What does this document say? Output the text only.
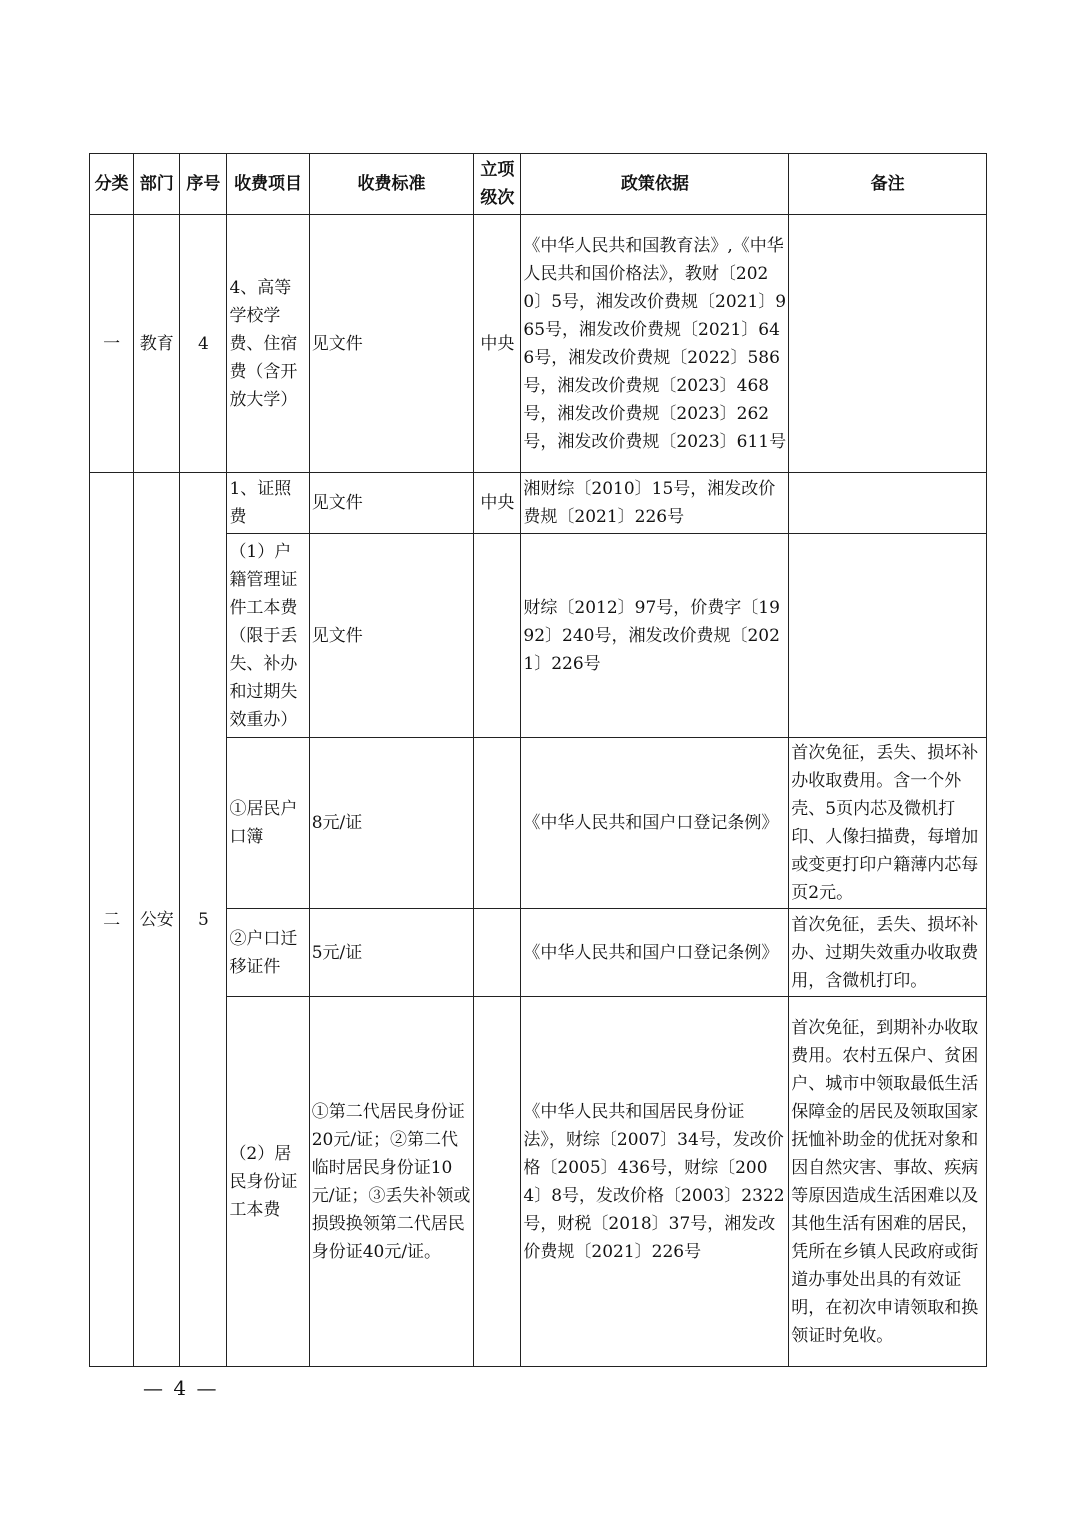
分类	部门	序号	收费项目	收费标准	立项级次	政策依据	备注
一	教育	4	4、高等学校学费、住宿费（含开放大学）	见文件	中央	《中华人民共和国教育法》,《中华人民共和国价格法》，教财〔2020〕5号，湘发改价费规〔2021〕965号，湘发改价费规〔2021〕646号，湘发改价费规〔2022〕586号，湘发改价费规〔2023〕468号，湘发改价费规〔2023〕262号，湘发改价费规〔2023〕611号	
二	公安	5	1、证照费	见文件	中央	湘财综〔2010〕15号，湘发改价费规〔2021〕226号	
			（1）户籍管理证件工本费（限于丢失、补办和过期失效重办）	见文件		财综〔2012〕97号，价费字〔1992〕240号，湘发改价费规〔2021〕226号	
			①居民户口簿	8元/证		《中华人民共和国户口登记条例》	首次免征，丢失、损坏补办收取费用。含一个外壳、5页内芯及微机打印、人像扫描费，每增加或变更打印户籍薄内芯每页2元。
			②户口迁移证件	5元/证		《中华人民共和国户口登记条例》	首次免征，丢失、损坏补办、过期失效重办收取费用，含微机打印。
			（2）居民身份证工本费	①第二代居民身份证20元/证；②第二代临时居民身份证10元/证；③丢失补领或损毁换领第二代居民身份证40元/证。		《中华人民共和国居民身份证法》，财综〔2007〕34号，发改价格〔2005〕436号，财综〔2004〕8号，发改价格〔2003〕2322号，财税〔2018〕37号，湘发改价费规〔2021〕226号	首次免征，到期补办收取费用。农村五保户、贫困户、城市中领取最低生活保障金的居民及领取国家抚恤补助金的优抚对象和因自然灾害、事故、疾病等原因造成生活困难以及其他生活有困难的居民，凭所在乡镇人民政府或街道办事处出具的有效证明，在初次申请领取和换领证时免收。
— 4 —
